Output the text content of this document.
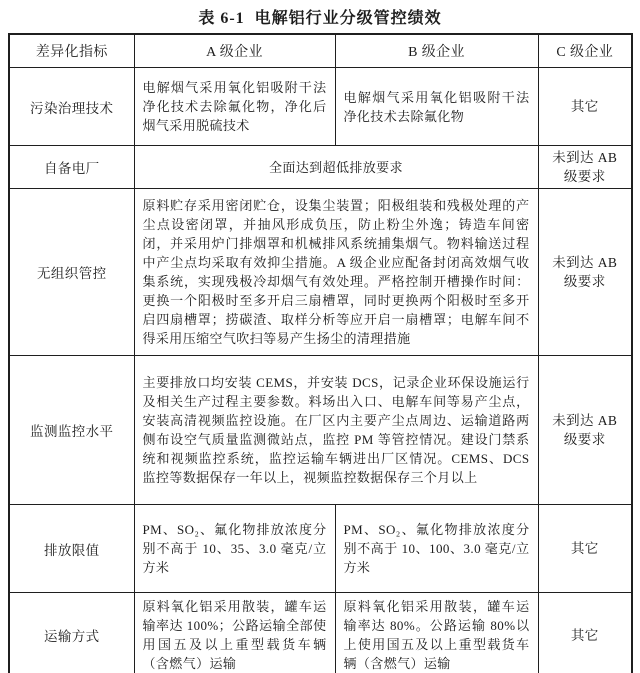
表 6-1  电解铝行业分级管控绩效
差异化指标	A 级企业	B 级企业	C 级企业
污染治理技术	电解烟气采用氧化铝吸附干法净化技术去除氟化物，净化后烟气采用脱硫技术	电解烟气采用氧化铝吸附干法净化技术去除氟化物	其它
自备电厂	全面达到超低排放要求		未到达 AB 级要求
无组织管控	原料贮存采用密闭贮仓，设集尘装置；阳极组装和残极处理的产尘点设密闭罩，并抽风形成负压，防止粉尘外逸；铸造车间密闭，并采用炉门排烟罩和机械排风系统捕集烟气。物料输送过程中产尘点均采取有效抑尘措施。A 级企业应配备封闭高效烟气收集系统，实现残极冷却烟气有效处理。严格控制开槽操作时间：更换一个阳极时至多开启三扇槽罩，同时更换两个阳极时至多开启四扇槽罩；捞碳渣、取样分析等应开启一扇槽罩；电解车间不得采用压缩空气吹扫等易产生扬尘的清理措施		未到达 AB 级要求
监测监控水平	主要排放口均安装 CEMS，并安装 DCS，记录企业环保设施运行及相关生产过程主要参数。料场出入口、电解车间等易产尘点，安装高清视频监控设施。在厂区内主要产尘点周边、运输道路两侧布设空气质量监测微站点，监控 PM 等管控情况。建设门禁系统和视频监控系统，监控运输车辆进出厂区情况。CEMS、DCS 监控等数据保存一年以上，视频监控数据保存三个月以上		未到达 AB 级要求
排放限值	PM、SO₂、氟化物排放浓度分别不高于 10、35、3.0 毫克/立方米	PM、SO₂、氟化物排放浓度分别不高于 10、100、3.0 毫克/立方米	其它
运输方式	原料氧化铝采用散装，罐车运输率达 100%；公路运输全部使用国五及以上重型载货车辆（含燃气）运输	原料氧化铝采用散装，罐车运输率达 80%。公路运输 80%以上使用国五及以上重型载货车辆（含燃气）运输	其它
